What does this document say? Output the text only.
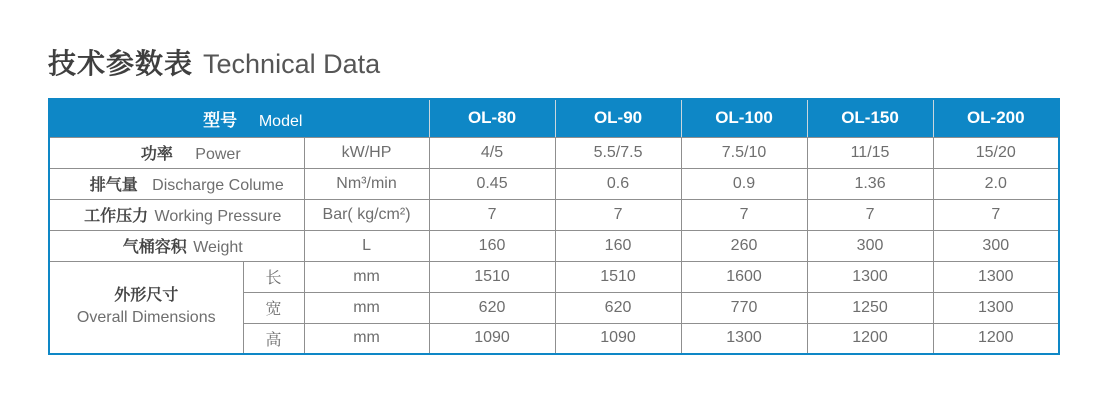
技术参数表 Technical Data
型号 Model			OL-80	OL-90	OL-100	OL-150	OL-200
功率 Power		kW/HP	4/5	5.5/7.5	7.5/10	11/15	15/20
排气量 Discharge Colume		Nm³/min	0.45	0.6	0.9	1.36	2.0
工作压力 Working Pressure		Bar( kg/cm²)	7	7	7	7	7
气桶容积 Weight		L	160	160	260	300	300

外形尺寸
Overall Dimensions	长	mm	1510	1510	1600	1300	1300
	宽	mm	620	620	770	1250	1300
	高	mm	1090	1090	1300	1200	1200
